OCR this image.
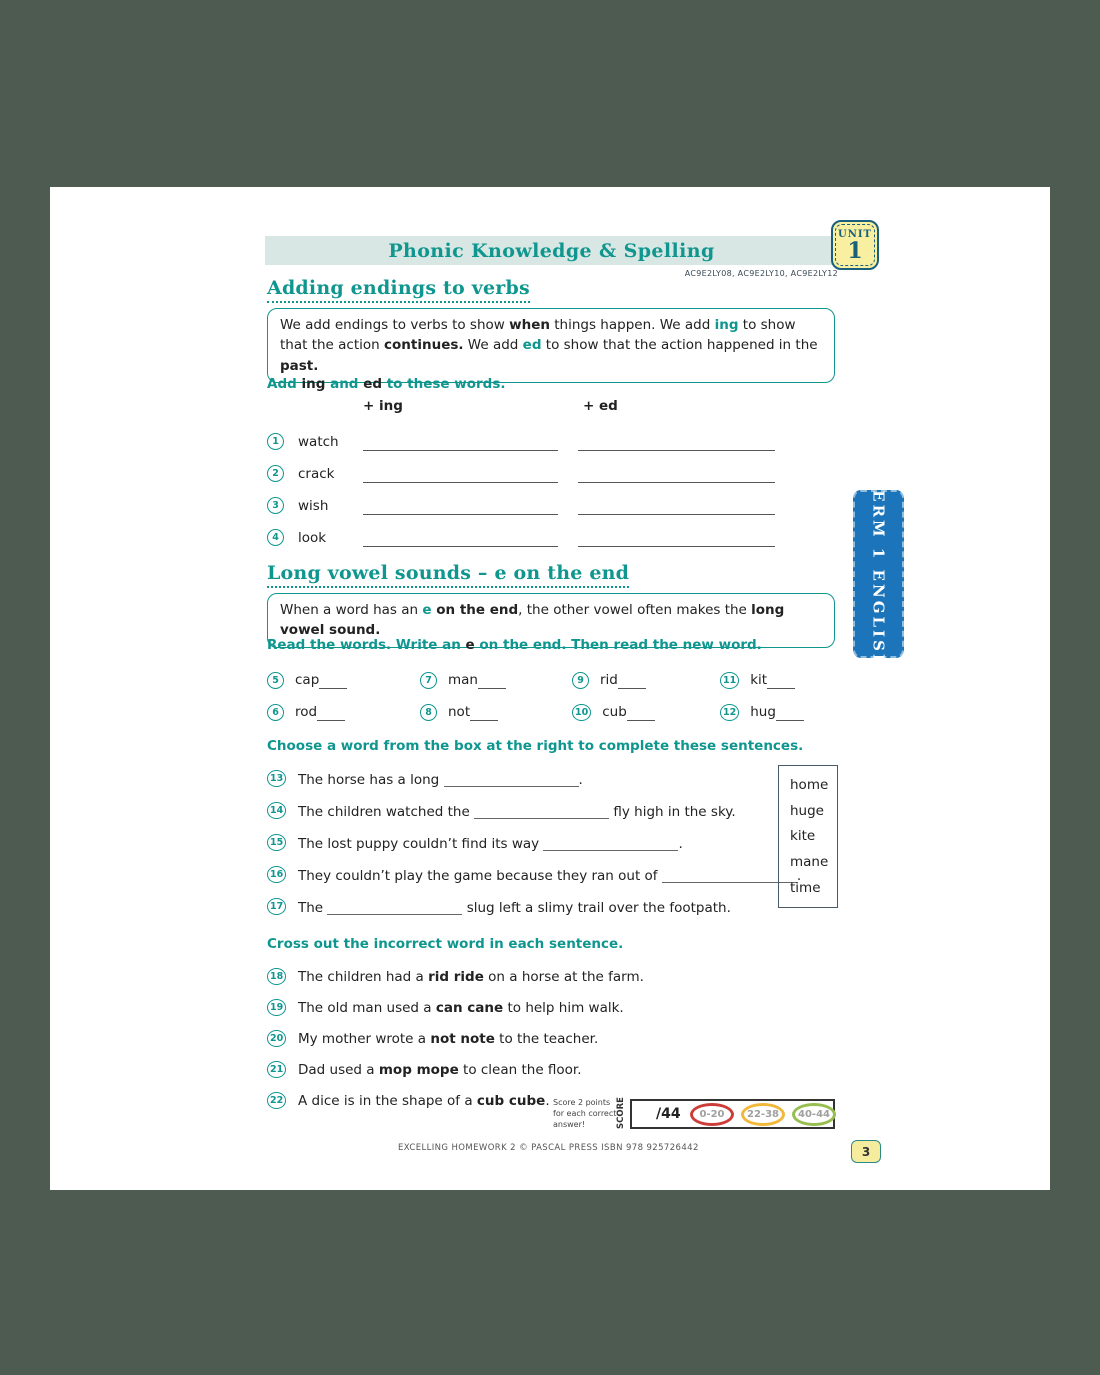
Phonic Knowledge & Spelling
UNIT
1
AC9E2LY08, AC9E2LY10, AC9E2LY12
Adding endings to verbs
We add endings to verbs to show when things happen. We add ing to show that the action continues. We add ed to show that the action happened in the past.
Add ing and ed to these words.
+ ing	+ ed
1	watch
2	crack
3	wish
4	look
Long vowel sounds – e on the end
When a word has an e on the end, the other vowel often makes the long vowel sound.
Read the words. Write an e on the end. Then read the new word.
5	cap	7	man	9	rid	11 kit
6	rod	8	not	10 cub	12 hug
Choose a word from the box at the right to complete these sentences.
13 The horse has a long	.
14 The children watched the	fly high in the sky.
15 The lost puppy couldn’t find its way	.
16 They couldn’t play the game because they ran out of	.
17 The	slug left a slimy trail over the footpath.
home
huge
kite
mane
time
Cross out the incorrect word in each sentence.
18 The children had a rid ride on a horse at the farm.
19 The old man used a can cane to help him walk.
20 My mother wrote a not note to the teacher.
21 Dad used a mop mope to clean the floor.
22 A dice is in the shape of a cub cube. Score 2 points for each correct answer!	SCORE /44	0-20	22-38	40-44
EXCELLING HOMEWORK 2 © PASCAL PRESS ISBN 978 925726442	3
TERM 1 ENGLISH
